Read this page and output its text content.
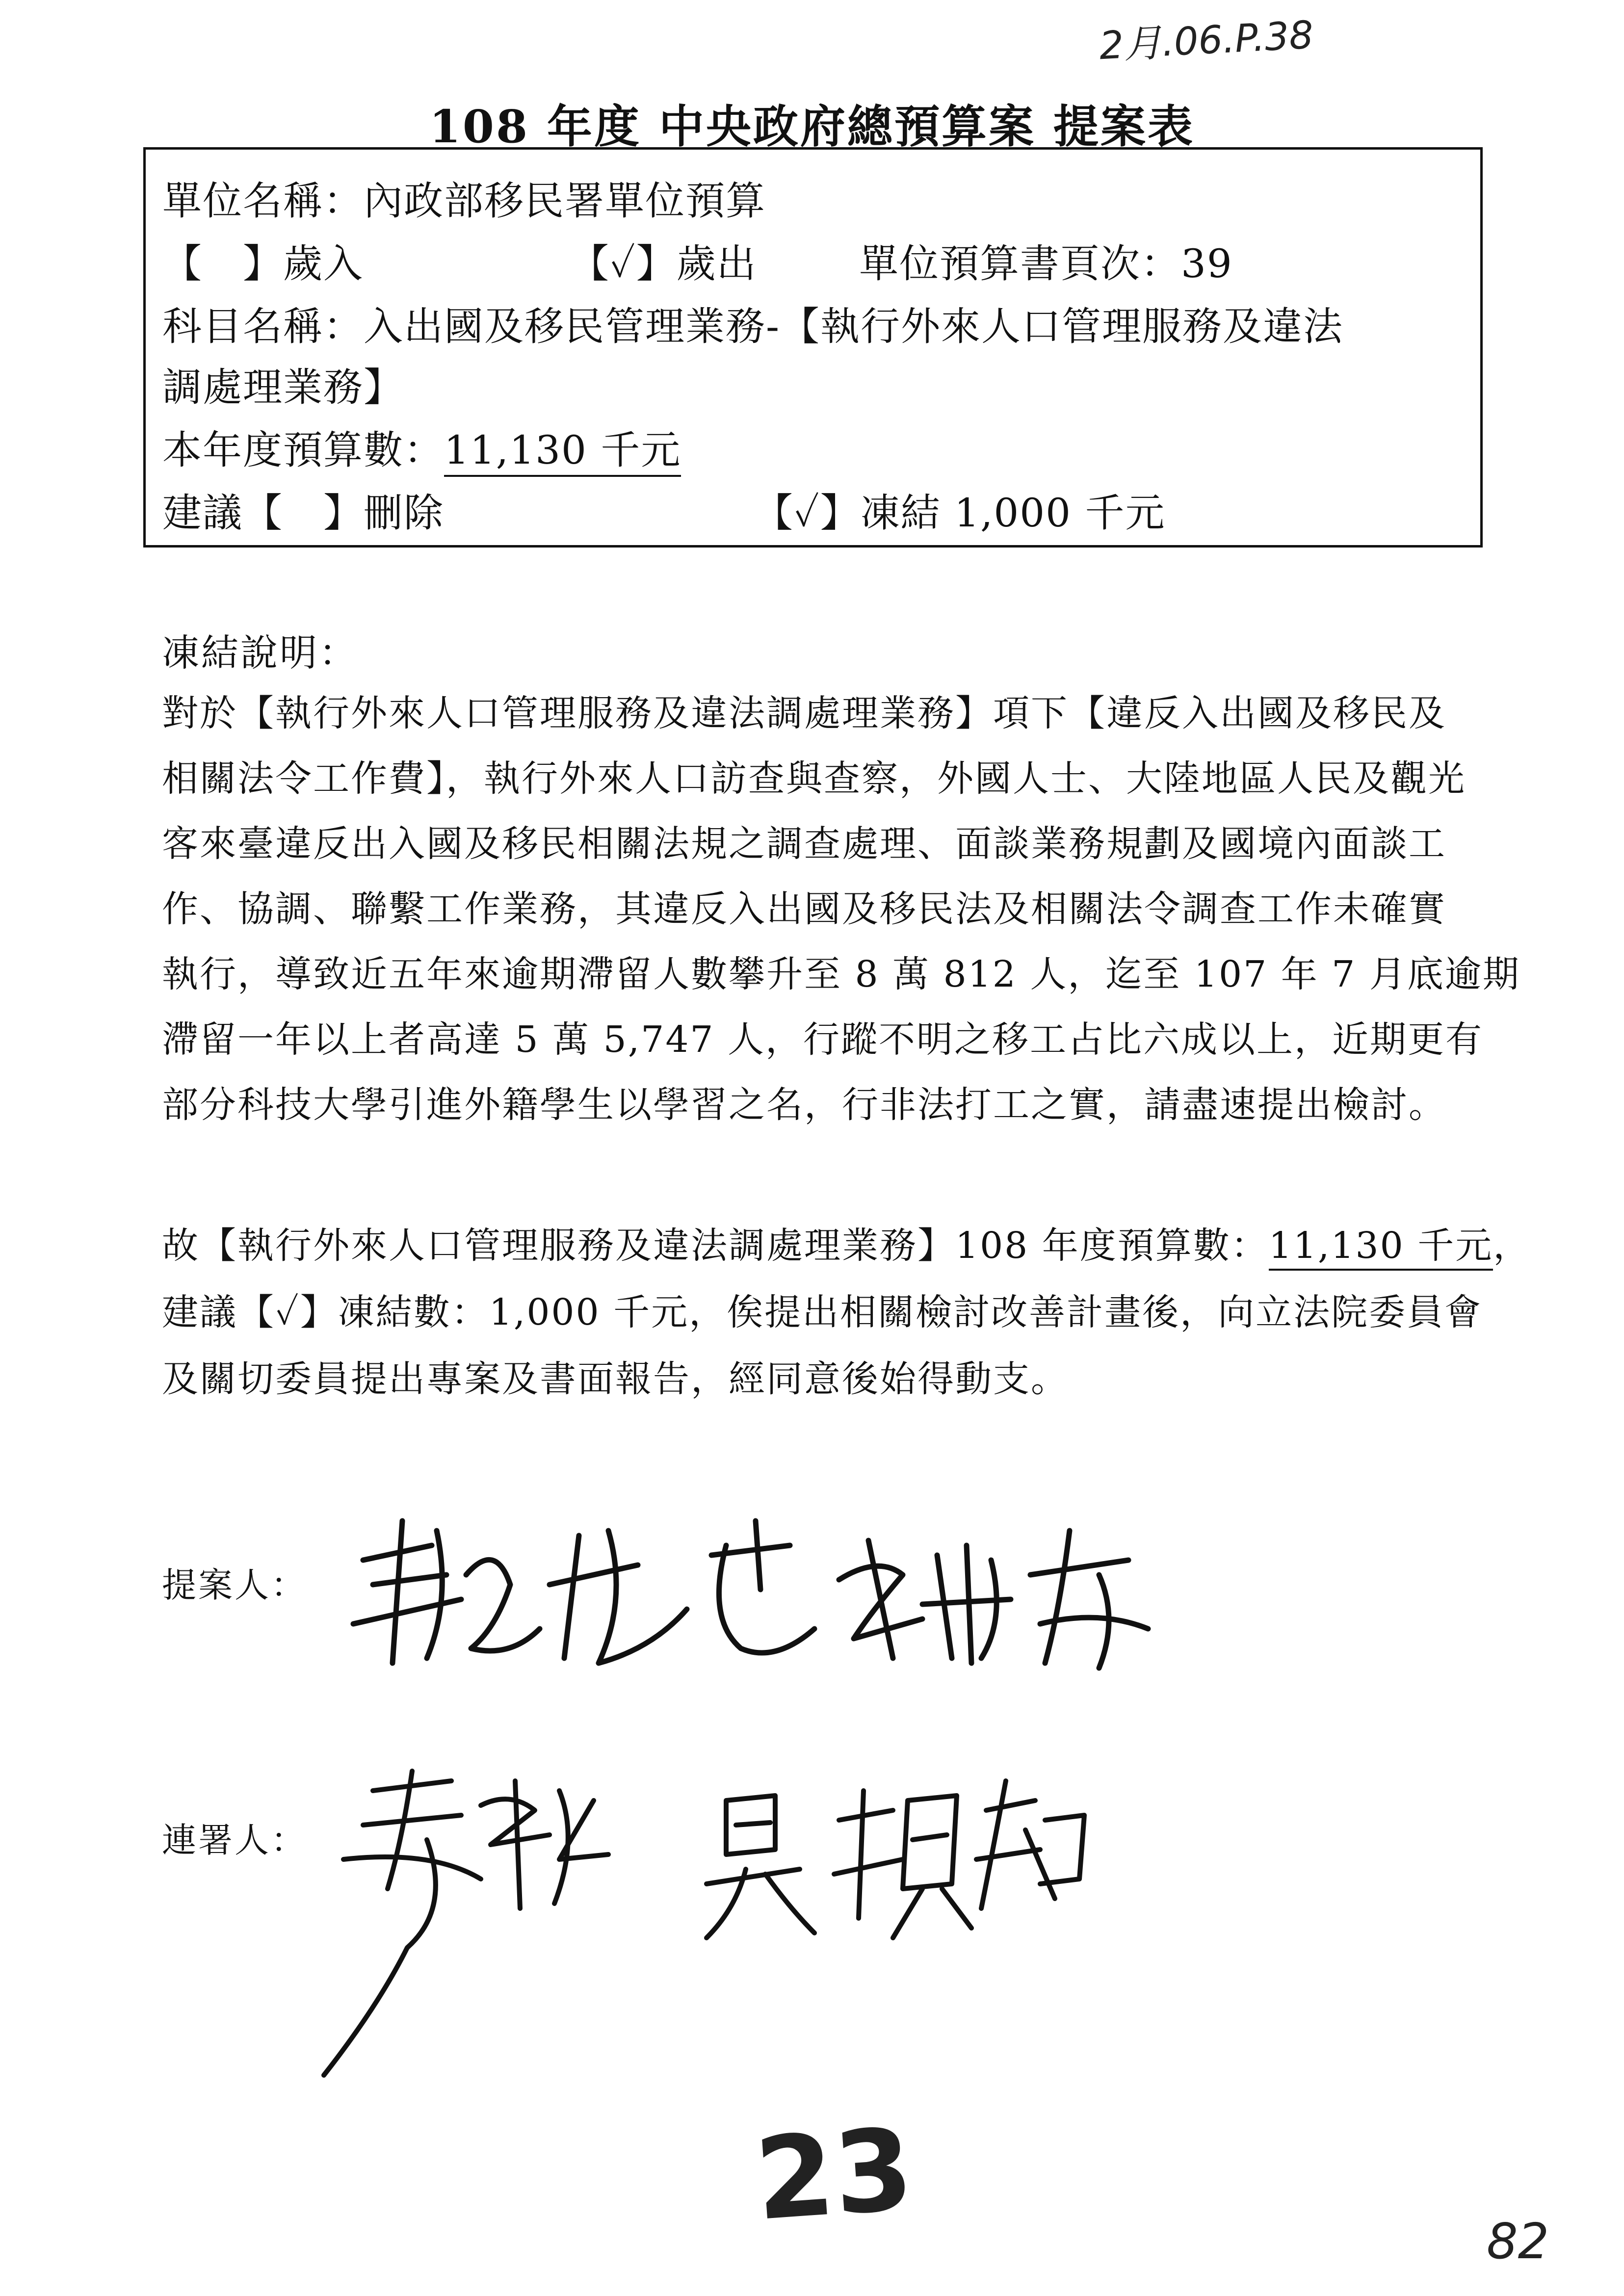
2月.06.P.38
108 年度 中央政府總預算案 提案表
單位名稱：內政部移民署單位預算
【　】歲入	【✓】歲出	單位預算書頁次：39
科目名稱：入出國及移民管理業務-【執行外來人口管理服務及違法
調處理業務】
本年度預算數：11,130 千元
建議【　】刪除	【✓】凍結 1,000 千元
凍結說明：
對於【執行外來人口管理服務及違法調處理業務】項下【違反入出國及移民及
相關法令工作費】，執行外來人口訪查與查察，外國人士、大陸地區人民及觀光
客來臺違反出入國及移民相關法規之調查處理、面談業務規劃及國境內面談工
作、協調、聯繫工作業務，其違反入出國及移民法及相關法令調查工作未確實
執行，導致近五年來逾期滯留人數攀升至 8 萬 812 人，迄至 107 年 7 月底逾期
滯留一年以上者高達 5 萬 5,747 人，行蹤不明之移工占比六成以上，近期更有
部分科技大學引進外籍學生以學習之名，行非法打工之實，請盡速提出檢討。
故【執行外來人口管理服務及違法調處理業務】108 年度預算數：11,130 千元，
建議【✓】凍結數：1,000 千元，俟提出相關檢討改善計畫後，向立法院委員會
及關切委員提出專案及書面報告，經同意後始得動支。
提案人：
連署人：
23	82
